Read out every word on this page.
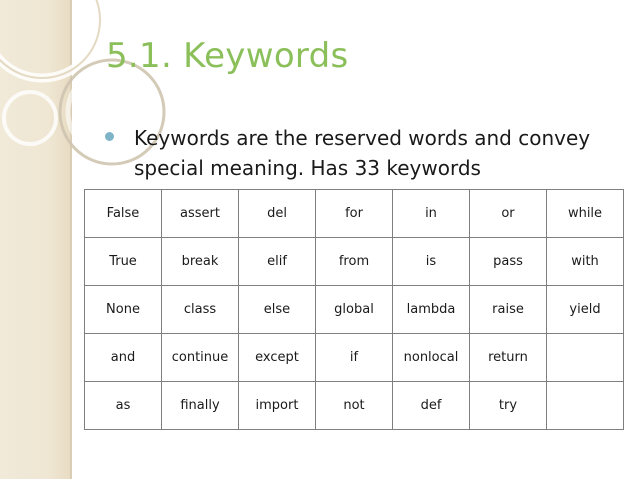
5.1. Keywords

Keywords are the reserved words and convey special meaning. Has 33 keywords

False	assert	del	for	in	or	while
True	break	elif	from	is	pass	with
None	class	else	global	lambda	raise	yield
and	continue	except	if	nonlocal	return	
as	finally	import	not	def	try	
